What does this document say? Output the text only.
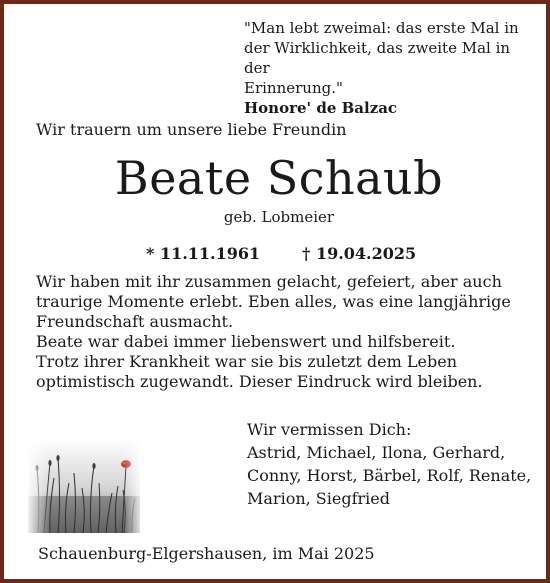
"Man lebt zweimal: das erste Mal in
der Wirklichkeit, das zweite Mal in der
Erinnerung."
Honore' de Balzac
Wir trauern um unsere liebe Freundin
Beate Schaub
geb. Lobmeier
* 11.11.1961	† 19.04.2025
Wir haben mit ihr zusammen gelacht, gefeiert, aber auch
traurige Momente erlebt. Eben alles, was eine langjährige
Freundschaft ausmacht.
Beate war dabei immer liebenswert und hilfsbereit.
Trotz ihrer Krankheit war sie bis zuletzt dem Leben
optimistisch zugewandt. Dieser Eindruck wird bleiben.
Wir vermissen Dich:
Astrid, Michael, Ilona, Gerhard,
Conny, Horst, Bärbel, Rolf, Renate,
Marion, Siegfried
Schauenburg-Elgershausen, im Mai 2025
